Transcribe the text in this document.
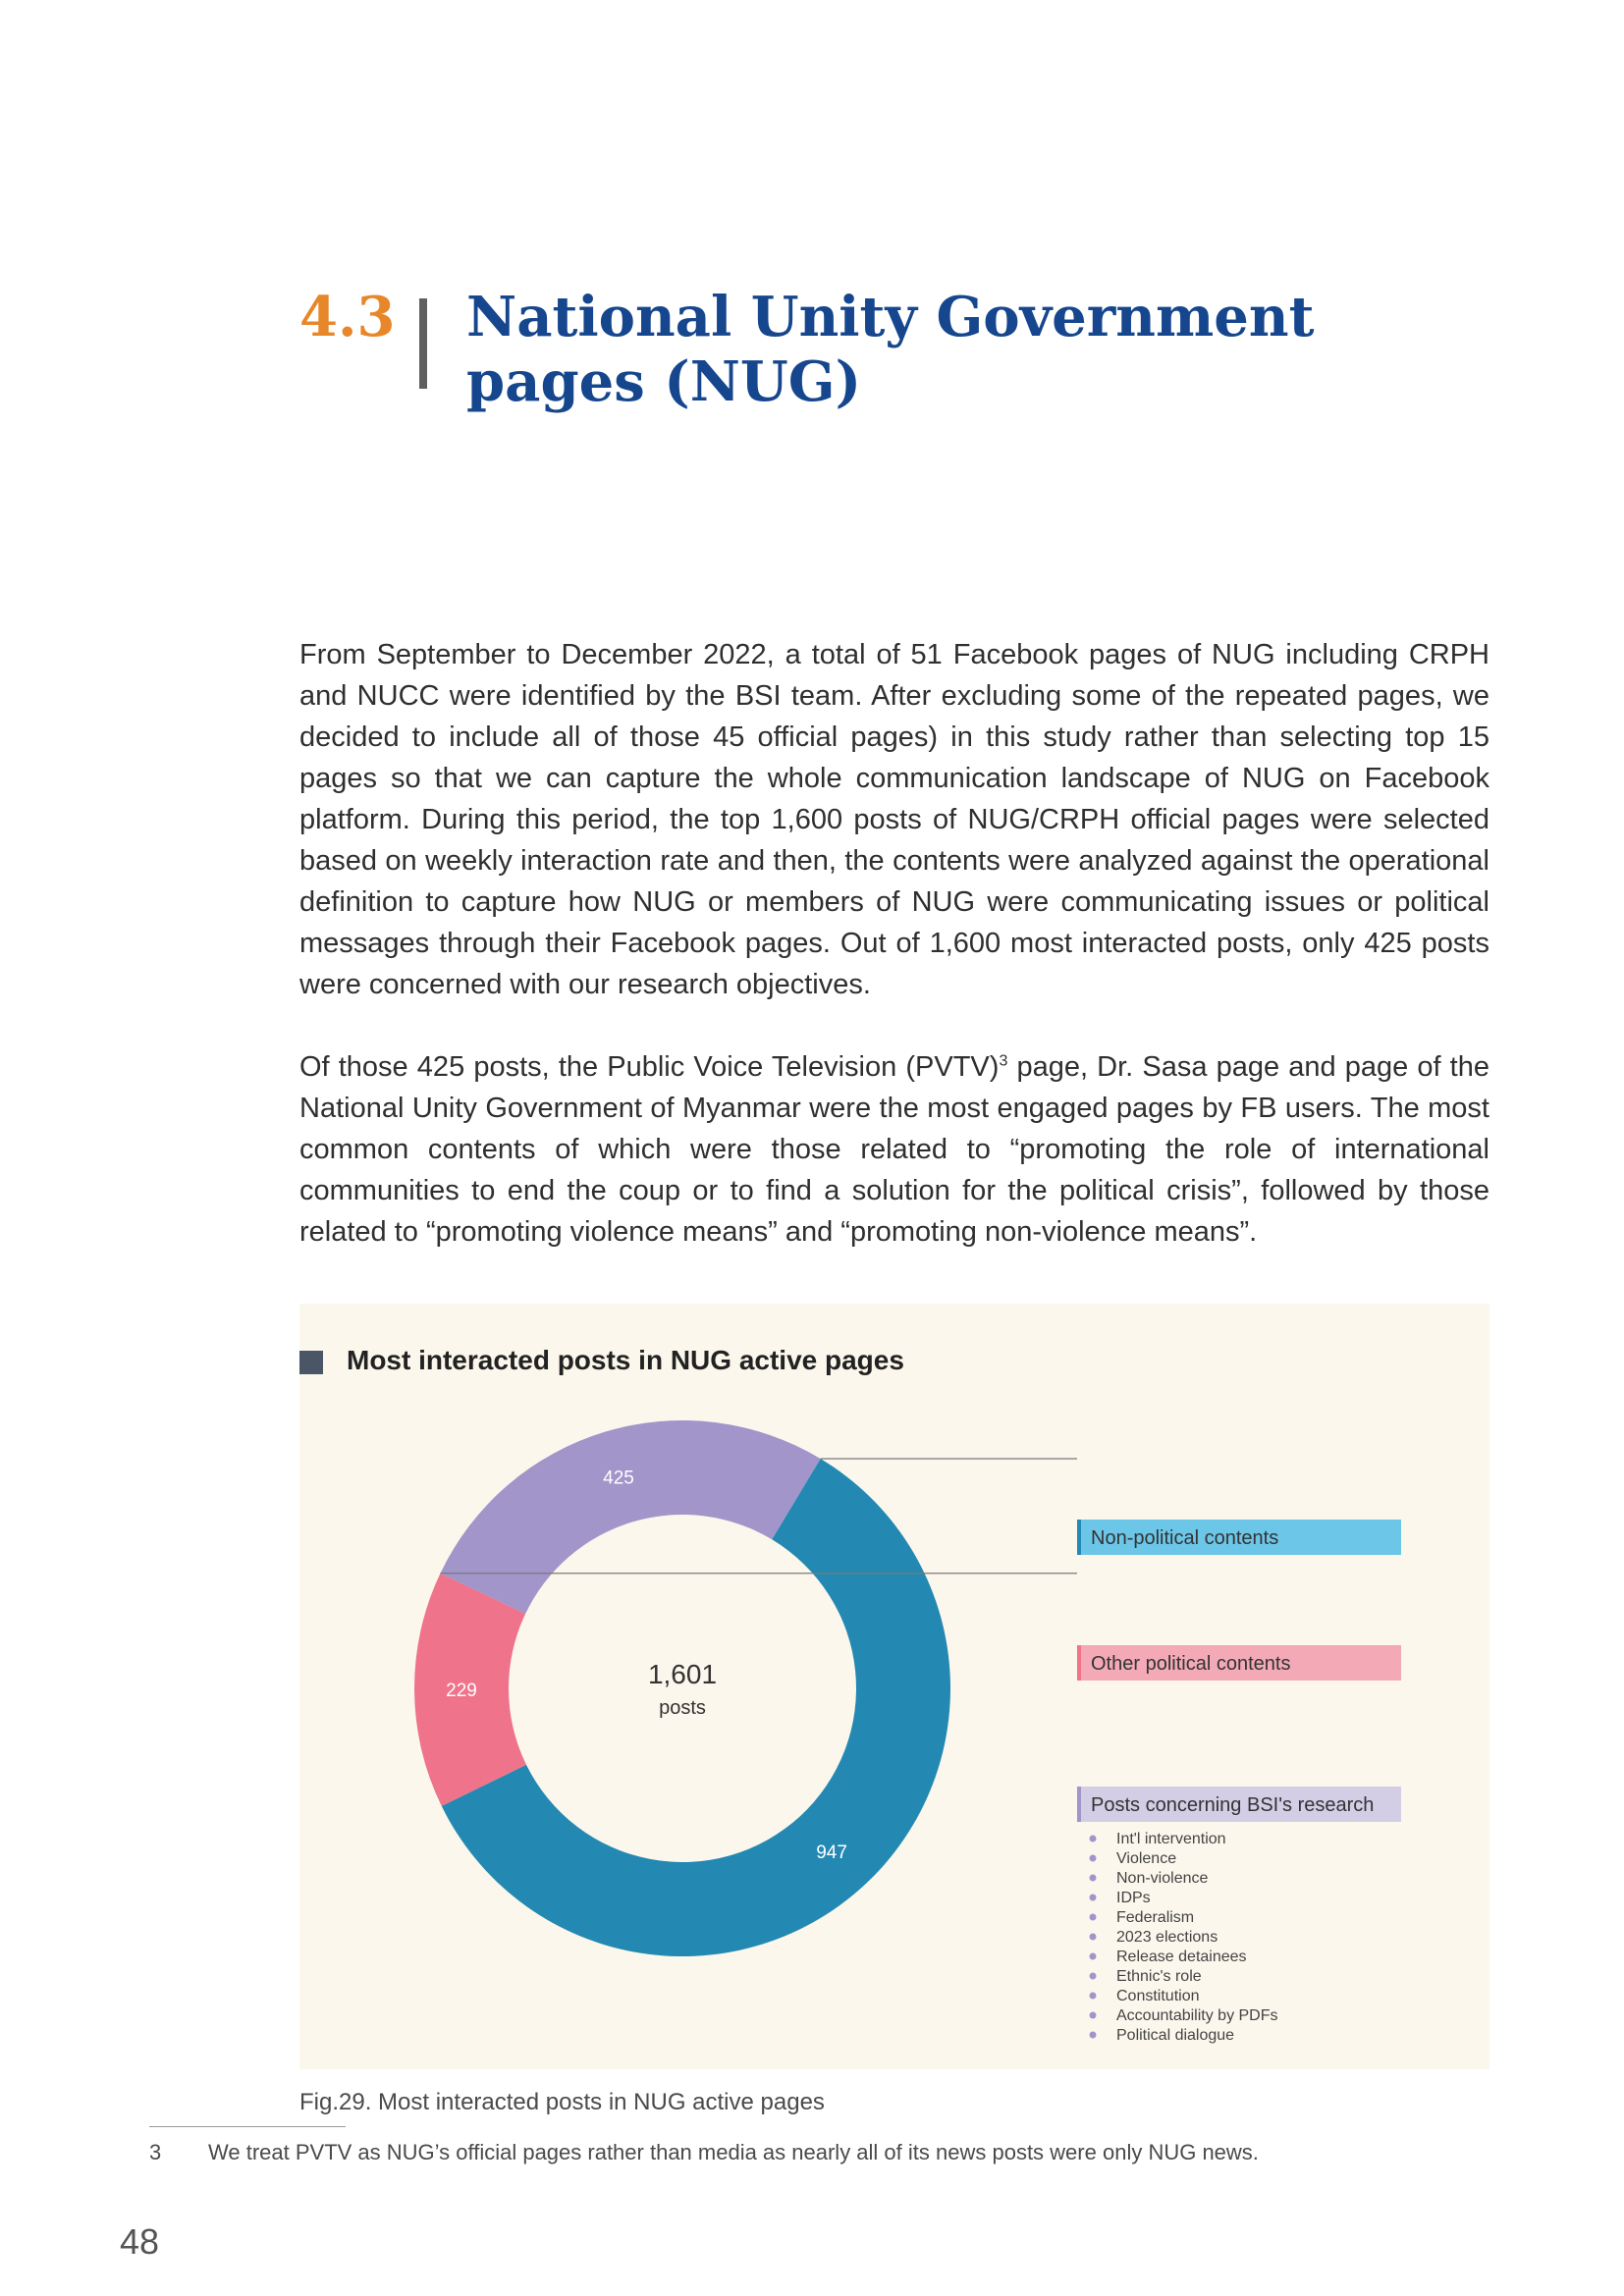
4.3 National Unity Government pages (NUG)

From September to December 2022, a total of 51 Facebook pages of NUG including CRPH and NUCC were identified by the BSI team. After excluding some of the repeated pages, we decided to include all of those 45 official pages) in this study rather than selecting top 15 pages so that we can capture the whole communication landscape of NUG on Facebook platform. During this period, the top 1,600 posts of NUG/CRPH official pages were selected based on weekly interaction rate and then, the contents were analyzed against the operational definition to capture how NUG or members of NUG were communicating issues or political messages through their Facebook pages. Out of 1,600 most interacted posts, only 425 posts were concerned with our research objectives.

Of those 425 posts, the Public Voice Television (PVTV)$^3$ page, Dr. Sasa page and page of the National Unity Government of Myanmar were the most engaged pages by FB users. The most common contents of which were those related to “promoting the role of international communities to end the coup or to find a solution for the political crisis”, followed by those related to “promoting violence means” and “promoting non-violence means”.

Most interacted posts in NUG active pages
947
229
425
1,601
posts
Non-political contents
Other political contents
Posts concerning BSI's research
Int'l intervention
Violence
Non-violence
IDPs
Federalism
2023 elections
Release detainees
Ethnic's role
Constitution
Accountability by PDFs
Political dialogue
Fig.29. Most interacted posts in NUG active pages
3 We treat PVTV as NUG’s official pages rather than media as nearly all of its news posts were only NUG news.
48
